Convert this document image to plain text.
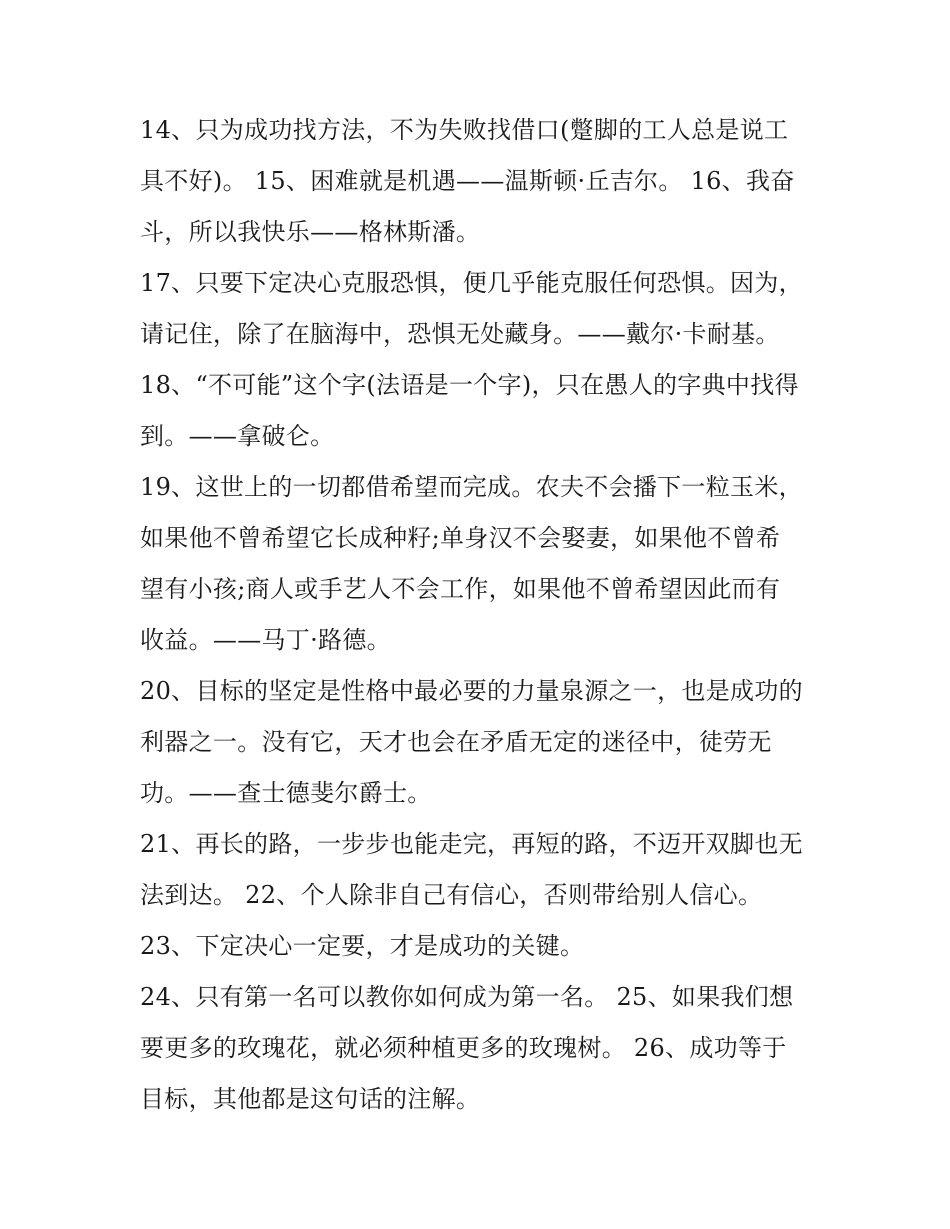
14、只为成功找方法，不为失败找借口(蹩脚的工人总是说工
具不好)。 15、困难就是机遇——温斯顿·丘吉尔。 16、我奋
斗，所以我快乐——格林斯潘。
17、只要下定决心克服恐惧，便几乎能克服任何恐惧。因为，
请记住，除了在脑海中，恐惧无处藏身。——戴尔·卡耐基。
18、“不可能”这个字(法语是一个字)，只在愚人的字典中找得
到。——拿破仑。
19、这世上的一切都借希望而完成。农夫不会播下一粒玉米，
如果他不曾希望它长成种籽;单身汉不会娶妻，如果他不曾希
望有小孩;商人或手艺人不会工作，如果他不曾希望因此而有
收益。——马丁·路德。
20、目标的坚定是性格中最必要的力量泉源之一，也是成功的
利器之一。没有它，天才也会在矛盾无定的迷径中，徒劳无
功。——查士德斐尔爵士。
21、再长的路，一步步也能走完，再短的路，不迈开双脚也无
法到达。 22、个人除非自己有信心，否则带给别人信心。
23、下定决心一定要，才是成功的关键。
24、只有第一名可以教你如何成为第一名。 25、如果我们想
要更多的玫瑰花，就必须种植更多的玫瑰树。 26、成功等于
目标，其他都是这句话的注解。
